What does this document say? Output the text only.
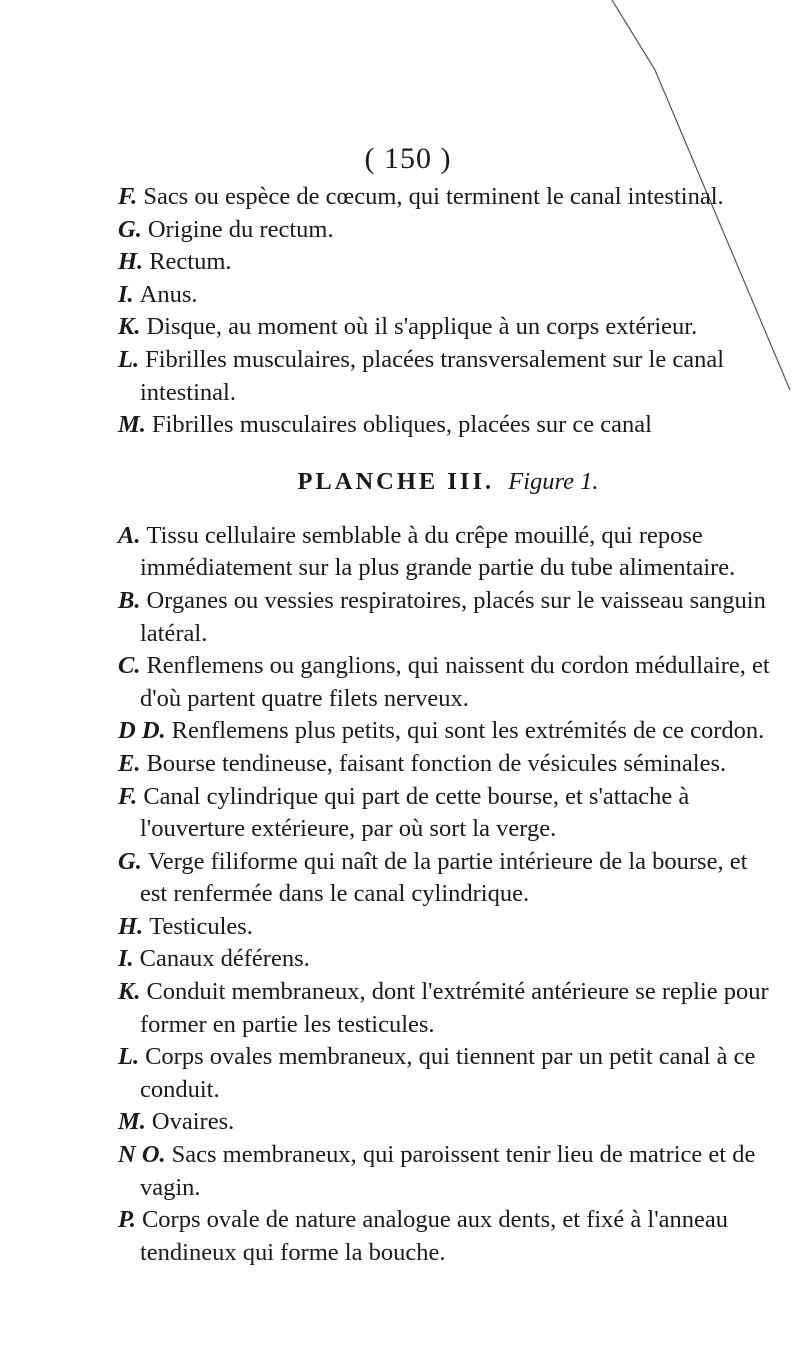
( 150 )

F. Sacs ou espèce de cœcum, qui terminent le canal intestinal.

G. Origine du rectum.

H. Rectum.

I. Anus.

K. Disque, au moment où il s'applique à un corps extérieur.

L. Fibrilles musculaires, placées transversalement sur le canal intestinal.

M. Fibrilles musculaires obliques, placées sur ce canal

PLANCHE III. Figure 1.

A. Tissu cellulaire semblable à du crêpe mouillé, qui repose immédiatement sur la plus grande partie du tube alimentaire.

B. Organes ou vessies respiratoires, placés sur le vaisseau sanguin latéral.

C. Renflemens ou ganglions, qui naissent du cordon médullaire, et d'où partent quatre filets nerveux.

D D. Renflemens plus petits, qui sont les extrémités de ce cordon.

E. Bourse tendineuse, faisant fonction de vésicules séminales.

F. Canal cylindrique qui part de cette bourse, et s'attache à l'ouverture extérieure, par où sort la verge.

G. Verge filiforme qui naît de la partie intérieure de la bourse, et est renfermée dans le canal cylindrique.

H. Testicules.

I. Canaux déférens.

K. Conduit membraneux, dont l'extrémité antérieure se replie pour former en partie les testicules.

L. Corps ovales membraneux, qui tiennent par un petit canal à ce conduit.

M. Ovaires.

N O. Sacs membraneux, qui paroissent tenir lieu de matrice et de vagin.

P. Corps ovale de nature analogue aux dents, et fixé à l'anneau tendineux qui forme la bouche.
